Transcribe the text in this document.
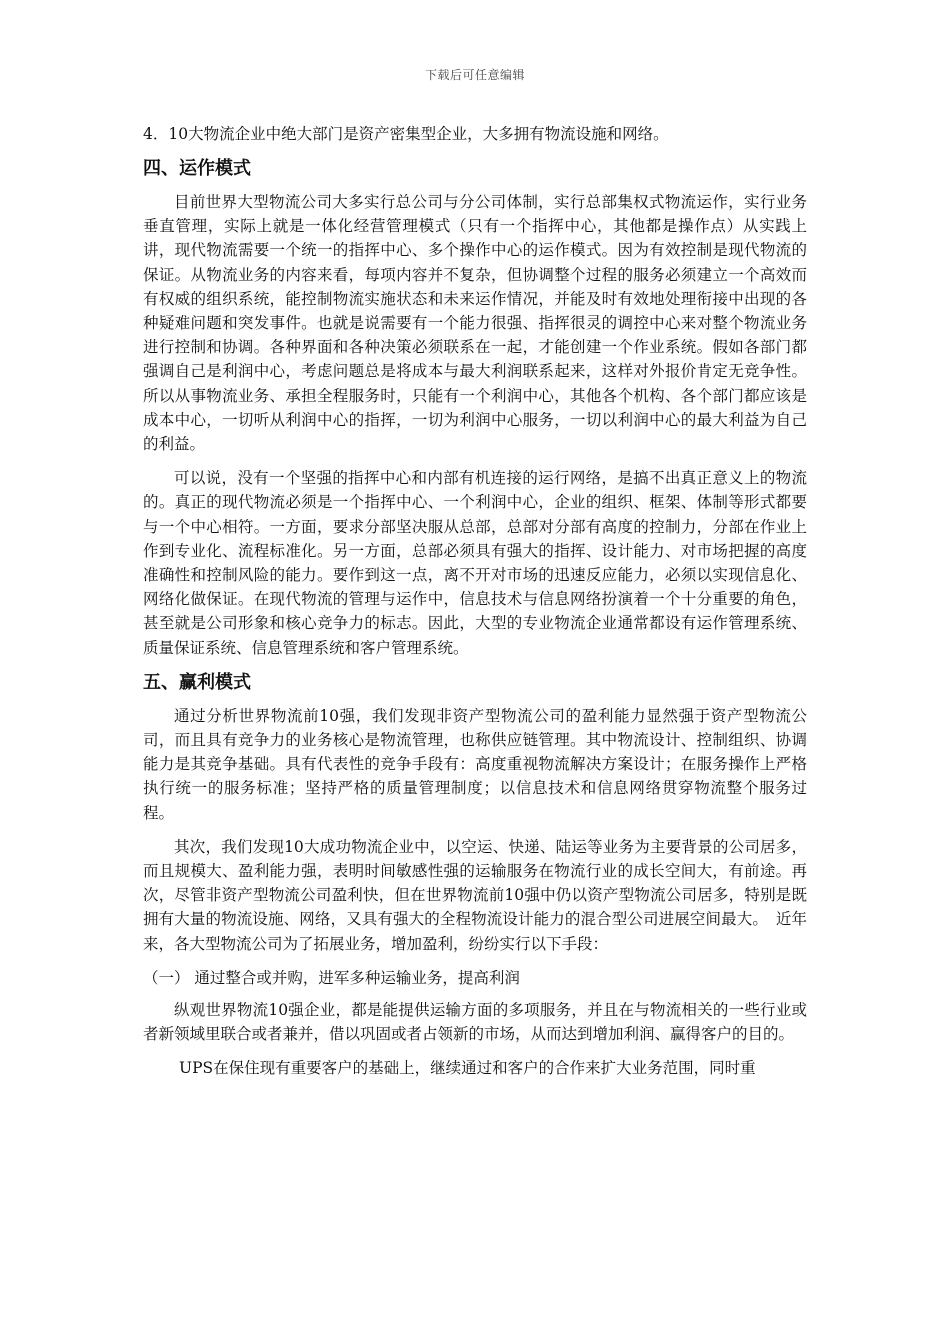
下载后可任意编辑

4．10大物流企业中绝大部门是资产密集型企业，大多拥有物流设施和网络。

四、运作模式

目前世界大型物流公司大多实行总公司与分公司体制，实行总部集权式物流运作，实行业务垂直管理，实际上就是一体化经营管理模式（只有一个指挥中心，其他都是操作点）从实践上讲，现代物流需要一个统一的指挥中心、多个操作中心的运作模式。因为有效控制是现代物流的保证。从物流业务的内容来看，每项内容并不复杂，但协调整个过程的服务必须建立一个高效而有权威的组织系统，能控制物流实施状态和未来运作情况，并能及时有效地处理衔接中出现的各种疑难问题和突发事件。也就是说需要有一个能力很强、指挥很灵的调控中心来对整个物流业务进行控制和协调。各种界面和各种决策必须联系在一起，才能创建一个作业系统。假如各部门都强调自己是利润中心，考虑问题总是将成本与最大利润联系起来，这样对外报价肯定无竞争性。所以从事物流业务、承担全程服务时，只能有一个利润中心，其他各个机构、各个部门都应该是成本中心，一切听从利润中心的指挥，一切为利润中心服务，一切以利润中心的最大利益为自己的利益。

可以说，没有一个坚强的指挥中心和内部有机连接的运行网络，是搞不出真正意义上的物流的。真正的现代物流必须是一个指挥中心、一个利润中心，企业的组织、框架、体制等形式都要与一个中心相符。一方面，要求分部坚决服从总部，总部对分部有高度的控制力，分部在作业上作到专业化、流程标准化。另一方面，总部必须具有强大的指挥、设计能力、对市场把握的高度准确性和控制风险的能力。要作到这一点，离不开对市场的迅速反应能力，必须以实现信息化、网络化做保证。在现代物流的管理与运作中，信息技术与信息网络扮演着一个十分重要的角色，甚至就是公司形象和核心竞争力的标志。因此，大型的专业物流企业通常都设有运作管理系统、质量保证系统、信息管理系统和客户管理系统。

五、赢利模式

通过分析世界物流前10强，我们发现非资产型物流公司的盈利能力显然强于资产型物流公司，而且具有竞争力的业务核心是物流管理，也称供应链管理。其中物流设计、控制组织、协调能力是其竞争基础。具有代表性的竞争手段有：高度重视物流解决方案设计；在服务操作上严格执行统一的服务标准；坚持严格的质量管理制度；以信息技术和信息网络贯穿物流整个服务过程。

其次，我们发现10大成功物流企业中，以空运、快递、陆运等业务为主要背景的公司居多，而且规模大、盈利能力强，表明时间敏感性强的运输服务在物流行业的成长空间大，有前途。再次，尽管非资产型物流公司盈利快，但在世界物流前10强中仍以资产型物流公司居多，特别是既拥有大量的物流设施、网络，又具有强大的全程物流设计能力的混合型公司进展空间最大。　近年来，各大型物流公司为了拓展业务，增加盈利，纷纷实行以下手段：

（一） 通过整合或并购，进军多种运输业务，提高利润

纵观世界物流10强企业，都是能提供运输方面的多项服务，并且在与物流相关的一些行业或者新领域里联合或者兼并，借以巩固或者占领新的市场，从而达到增加利润、赢得客户的目的。

UPS在保住现有重要客户的基础上，继续通过和客户的合作来扩大业务范围，同时重
